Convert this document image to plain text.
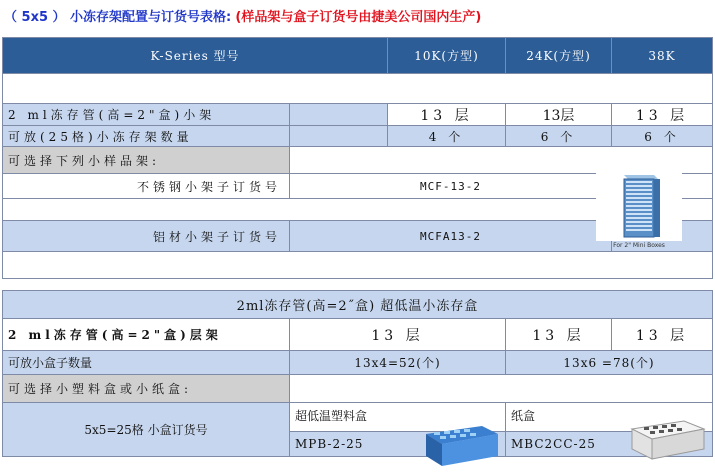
（ 5x5 ） 小冻存架配置与订货号表格: (样品架与盒子订货号由捷美公司国内生产)
K-Series 型号		10K(方型)	24K(方型)	38K

2 ml冻存管(高=2"盒)小架		13 层	13层	13 层
可放(25格)小冻存架数量		4 个	6 个	6 个
可选择下列小样品架:				
不锈钢小架子订货号	MCF-13-2			

铝材小架子订货号	MCFA13-2			

For 2" Mini Boxes
2ml冻存管(高=2˝盒) 超低温小冻存盒			
2 ml冻存管(高=2"盒)层架	13 层	13 层	13 层
可放小盒子数量	13x4=52(个)	13x6 =78(个)	
可选择小塑料盒或小纸盒:			
5x5=25格 小盒订货号	超低温塑料盒	纸盒	
	MPB-2-25	MBC2CC-25	
